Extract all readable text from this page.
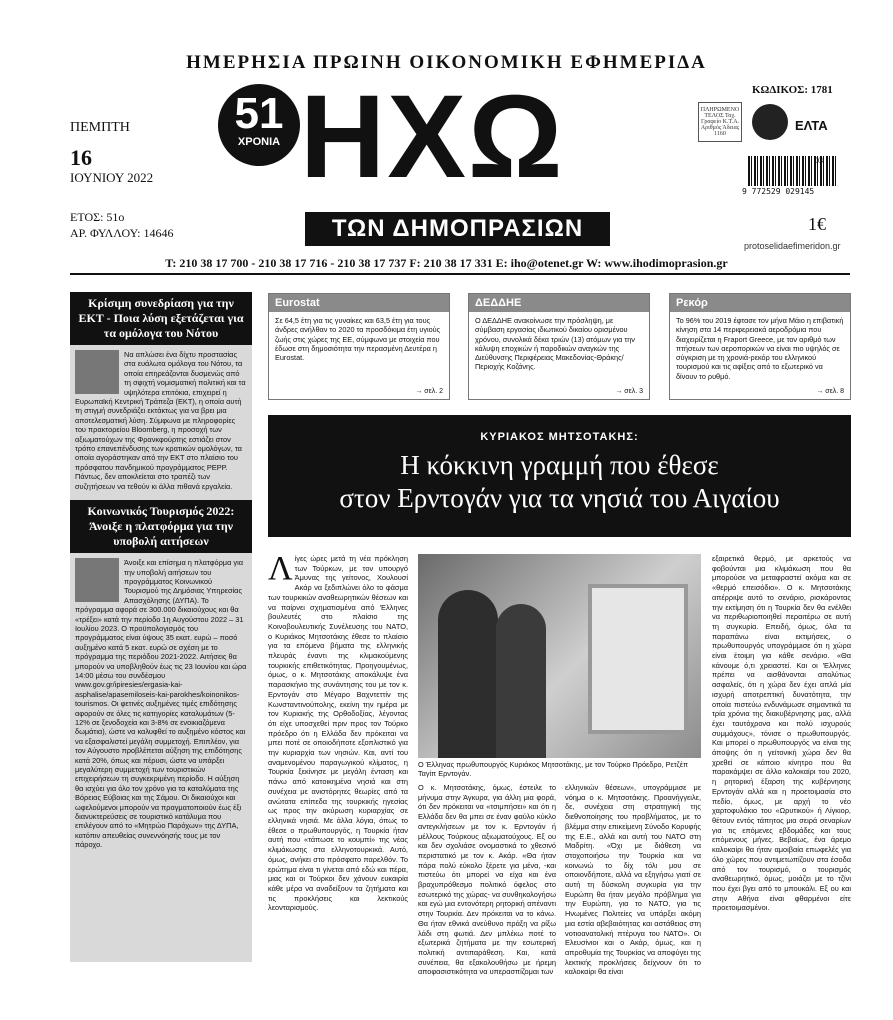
ΗΜΕΡΗΣΙΑ ΠΡΩΙΝΗ ΟΙΚΟΝΟΜΙΚΗ ΕΦΗΜΕΡΙΔΑ
ΠΕΜΠΤΗ
16
ΙΟΥΝΙΟΥ 2022
ΕΤΟΣ: 51ο
ΑΡ. ΦΥΛΛΟΥ: 14646
51
ΧΡΟΝΙΑ ΗΧΩ
ΤΩΝ ΔΗΜΟΠΡΑΣΙΩΝ
ΚΩΔΙΚΟΣ: 1781
ΠΛΗΡΩΜΕΝΟ ΤΕΛΟΣ Ταχ. Γραφείο Κ.Τ.Α. Αριθμός Άδειας 1160
ΕΛΤΑ
03
9 772529 029145
1€
protoselidaefimeridon.gr
Τ: 210 38 17 700 - 210 38 17 716 - 210 38 17 737 F: 210 38 17 331 E: iho@otenet.gr W: www.ihodimoprasion.gr
Κρίσιμη συνεδρίαση για την ΕΚΤ - Ποια λύση εξετάζεται για τα ομόλογα του Νότου
Να απλώσει ένα δίχτυ προστασίας στα ευάλωτα ομόλογα του Νότου, τα οποία επηρεάζονται δυσμενώς από τη σφιχτή νομισματική πολιτική και τα υψηλότερα επιτόκια, επιχειρεί η Ευρωπαϊκή Κεντρική Τράπεζα (ΕΚΤ), η οποία αυτή τη στιγμή συνεδριάζει εκτάκτως για να βρει μια αποτελεσματική λύση. Σύμφωνα με πληροφορίες του πρακτορείου Bloomberg, η προσοχή των αξιωματούχων της Φρανκφούρτης εστιάζει στον τρόπο επανεπένδυσης των κρατικών ομολόγων, τα οποία αγοράστηκαν από την ΕΚΤ στο πλαίσιο του πρόσφατου πανδημικού προγράμματος PEPP. Πάντως, δεν αποκλείεται στο τραπέζι των συζητήσεων να τεθούν κι άλλα πιθανά εργαλεία.
Κοινωνικός Τουρισμός 2022: Άνοιξε η πλατφόρμα για την υποβολή αιτήσεων
Άνοιξε και επίσημα η πλατφόρμα για την υποβολή αιτήσεων του προγράμματος Κοινωνικού Τουρισμού της Δημόσιας Υπηρεσίας Απασχόλησης (ΔΥΠΑ). Το πρόγραμμα αφορά σε 300.000 δικαιούχους και θα «τρέξει» κατά την περίοδο 1η Αυγούστου 2022 – 31 Ιουλίου 2023. Ο προϋπολογισμός του προγράμματος είναι ύψους 35 εκατ. ευρώ – ποσό αυξημένο κατά 5 εκατ. ευρώ σε σχέση με το πρόγραμμα της περιόδου 2021-2022. Αιτήσεις θα μπορούν να υποβληθούν έως τις 23 Ιουνίου και ώρα 14:00 μέσω του συνδέσμου www.gov.gr/ipiresies/ergasia-kai-asphalise/apasemiloseis-kai-parokhes/koinonikos-tourismos. Οι φετινές αυξημένες τιμές επιδότησης αφορούν σε όλες τις κατηγορίες καταλυμάτων (5-12% σε ξενοδοχεία και 3-8% σε ενοικιαζόμενα δωμάτια), ώστε να καλυφθεί το αυξημένο κόστος και να εξασφαλιστεί μεγάλη συμμετοχή. Επιπλέον, για τον Αύγουστο προβλέπεται αύξηση της επιδότησης κατά 20%, όπως και πέρυσι, ώστε να υπάρξει μεγαλύτερη συμμετοχή των τουριστικών επιχειρήσεων τη συγκεκριμένη περίοδο. Η αύξηση θα ισχύει για όλο τον χρόνο για τα καταλύματα της Βόρειας Εύβοιας και της Σάμου. Οι δικαιούχοι και ωφελούμενοι μπορούν να πραγματοποιούν έως έξι διανυκτερεύσεις σε τουριστικό κατάλυμα που επιλέγουν από το «Μητρώο Παρόχων» της ΔΥΠΑ, κατόπιν απευθείας συνεννόησής τους με τον πάροχο.
Eurostat
Σε 64,5 έτη για τις γυναίκες και 63,5 έτη για τους άνδρες ανήλθαν το 2020 τα προσδόκιμα έτη υγιούς ζωής στις χώρες της ΕΕ, σύμφωνα με στοιχεία που έδωσε στη δημοσιότητα την περασμένη Δευτέρα η Eurostat.
→ σελ. 2
ΔΕΔΔΗΕ
Ο ΔΕΔΔΗΕ ανακοίνωσε την πρόσληψη, με σύμβαση εργασίας ιδιωτικού δικαίου ορισμένου χρόνου, συνολικά δέκα τριών (13) ατόμων για την κάλυψη εποχικών ή παροδικών αναγκών της Διεύθυνσης Περιφέρειας Μακεδονίας-Θράκης/ Περιοχής Κοζάνης.
→ σελ. 3
Ρεκόρ
Το 96% του 2019 έφτασε τον μήνα Μάιο η επιβατική κίνηση στα 14 περιφερειακά αεροδρόμια που διαχειρίζεται η Fraport Greece, με τον αριθμό των πτήσεων των αεροπορικών να είναι πιο υψηλός σε σύγκριση με τη χρονιά-ρεκόρ του ελληνικού τουρισμού και τις αφίξεις από το εξωτερικό να δίνουν το ρυθμό.
→ σελ. 8
ΚΥΡΙΑΚΟΣ ΜΗΤΣΟΤΑΚΗΣ:
Η κόκκινη γραμμή που έθεσε
στον Ερντογάν για τα νησιά του Αιγαίου
Λίγες ώρες μετά τη νέα πρόκληση των Τούρκων, με τον υπουργό Άμυνας της γείτονος, Χουλουσί Ακάρ να ξεδιπλώνει όλο το φάσμα των τουρκικών αναθεωρητικών θέσεων και να παίρνει σχηματισμένα από 'Ελληνες βουλευτές στο πλαίσιο της Κοινοβουλευτικής Συνέλευσης του ΝΑΤΟ, ο Κυριάκος Μητσοτάκης έθεσε το πλαίσιο για τα επόμενα βήματα της ελληνικής πλευράς έναντι της κλιμακούμενης τουρκικής επιθετικότητας. Προηγουμένως, όμως, ο κ. Μητσοτάκης αποκάλυψε ένα παρασκήνιο της συνάντησης του με τον κ. Ερντογάν στο Μέγαρο Βαχντεττίν της Κωνσταντινούπολης, εκείνη την ημέρα με τον Κυριακής της Ορθοδοξίας, λέγοντας ότι είχε υποσχεθεί πριν προς τον Τούρκο πρόεδρο ότι η Ελλάδα δεν πρόκειται να μπει ποτέ σε οποιοδήποτε εξοπλιστικό για την κυριαρχία των νησιών. Και, αντί του αναμενομένου παραγωγικού κλίματος, η Τουρκία ξεκίνησε με μεγάλη ένταση και πάνω από κατοικημένα νησιά και στη συνέχεια με ανιστόρητες θεωρίες από τα ανώτατα επίπεδα της τουρκικής ηγεσίας ως προς την ακύρωση κυριαρχίας σε ελληνικά νησιά. Με άλλα λόγια, όπως το έθεσε ο πρωθυπουργός, η Τουρκία ήταν αυτή που «τάπωσε το κουμπί» της νέας κλιμάκωσης στα ελληνοτουρκικά. Αυτό, όμως, ανήκει στο πρόσφατο παρελθόν. Το ερώτημα είναι τι γίνεται από εδώ και πέρα, μιας και οι Τούρκοι δεν χάνουν ευκαιρία κάθε μέρα να αναδείξουν τα ζητήματα και τις προκλήσεις και λεκτικούς λεονταρισμούς.
Ο Έλληνας πρωθυπουργός Κυριάκος Μητσοτάκης, με τον Τούρκο Πρόεδρο, Ρετζέπ Ταγίπ Ερντογάν.
Ο κ. Μητσοτάκης, όμως, έστειλε το μήνυμα στην Άγκυρα, για άλλη μια φορά, ότι δεν πρόκειται να «τσιμπήσει» και ότι η Ελλάδα δεν θα μπει σε έναν φαύλο κύκλο αντεγκλήσεων με τον κ. Ερντογάν ή μέλλους Τούρκους αξιωματούχους. Εξ ου και δεν σχολιάσε ονομαστικά το χθεσινό περιστατικό με τον κ. Ακάρ. «Θα ήταν πάρα πολύ εύκολο ξέρετε για μένα, -και πιστεύω ότι μπορεί να είχα και ένα βραχυπρόθεσμο πολιτικό όφελος στο εσωτερικό της χώρας- να συνθηκολογήσω και εγώ μια εντονότερη ρητορική απέναντι στην Τουρκία. Δεν πρόκειται να το κάνω. Θα ήταν εθνικά ανεύθυνο πράξη να ρίξω λάδι στη φωτιά. Δεν μπλέκω ποτέ το εξωτερικά ζητήματα με την εσωτερική πολιτική αντιπαράθεση. Και, κατά συνέπεια, θα εξακολουθήσω με ήρεμη αποφασιστικότητα να υπερασπίζομαι των
ελληνικών θέσεων», υπογράμμισε με νόημα ο κ. Μητσοτάκης. Προανήγγειλε, δε, συνέχεια στη στρατηγική της διεθνοποίησης του προβλήματος, με το βλέμμα στην επικείμενη Σύνοδο Κορυφής της Ε.Ε., αλλά και αυτή του ΝΑΤΟ στη Μαδρίτη. «Όχι με διάθεση να στοχοποιήσω την Τουρκία και να κοινωνώ το δίχ τόλι μου σε οποιονδήποτε, αλλά να εξηγήσω γιατί σε αυτή τη δύσκολη συγκυρία για την Ευρώπη θα ήταν μεγάλο πρόβλημα για την Ευρώπη, για το ΝΑΤΟ, για τις Ηνωμένες Πολιτείες να υπάρξει ακόμη μια εστία αβεβαιότητας και αστάθειας στη νοτιοανατολική πτέρυγα του ΝΑΤΟ». Οι Ελευσίνιοι και ο Ακάρ, όμως, και η απροθυμία της Τουρκίας να αποφύγει της λεκτικής προκλήσεις δείχνουν ότι το καλοκαίρι θα είναι
εξαιρετικά θερμό, με αρκετούς να φοβούνται μια κλιμάκωση που θα μπορούσε να μεταφραστεί ακόμα και σε «θερμό επεισόδιο». Ο κ. Μητσοτάκης απέρριψε αυτό το σενάριο, ρισκάροντας την εκτίμηση ότι η Τουρκία δεν θα ενέλθει να περιθωριοποιηθεί περαιτέρω σε αυτή τη συγκυρία. Επειδή, όμως, όλα τα παραπάνω είναι εκτιμήσεις, ο πρωθυπουργός υπογράμμισε ότι η χώρα είναι έτοιμη για κάθε σενάριο. «Θα κάνουμε ό,τι χρειαστεί. Και οι 'Ελληνες πρέπει να αισθάνονται απολύτως ασφαλείς, ότι η χώρα δεν έχει απλά μία ισχυρή αποτρεπτική δυνατότητα, την οποία πιστεύω ενδυνάμωσε σημαντικά τα τρία χρόνια της διακυβέρνησης μας, αλλά έχει ταυτόχρονα και πολύ ισχυρούς συμμάχους», τόνισε ο πρωθυπουργός. Και μπορεί ο πρωθυπουργός να είναι της άποψης ότι η γείτονική χώρα δεν θα χρεθεί σε κάποιο κίνητρο που θα παρακάμψει σε άλλο καλοκαίρι του 2020, η ρητορική έξαρση της κυβέρνησης Ερντογάν αλλά και η προετοιμασία στο πεδίο, όμως, με αρχή το νέο χαρτοφυλάκιο του «Ωρυτικού» ή Λίγκιορ, θέτουν εντός τάπητος μια σειρά σεναρίων για τις επόμενες εβδομάδες και τους επόμενους μήνες. Βεβαίως, ένα άρεμο καλοκαίρι θα ήταν αμοιβαία επωφελές για όλο χώρες που αντιμετωπίζουν στα έσοδα από τον τουρισμό, ο τουρισμός αναθεωρητικό, όμως, μοιάζει με το τζίνι που έχει βγει από το μπουκάλι. Εξ ου και στην Αθήνα είναι φθαρμένοι είτε προετοιμασμένοι.
